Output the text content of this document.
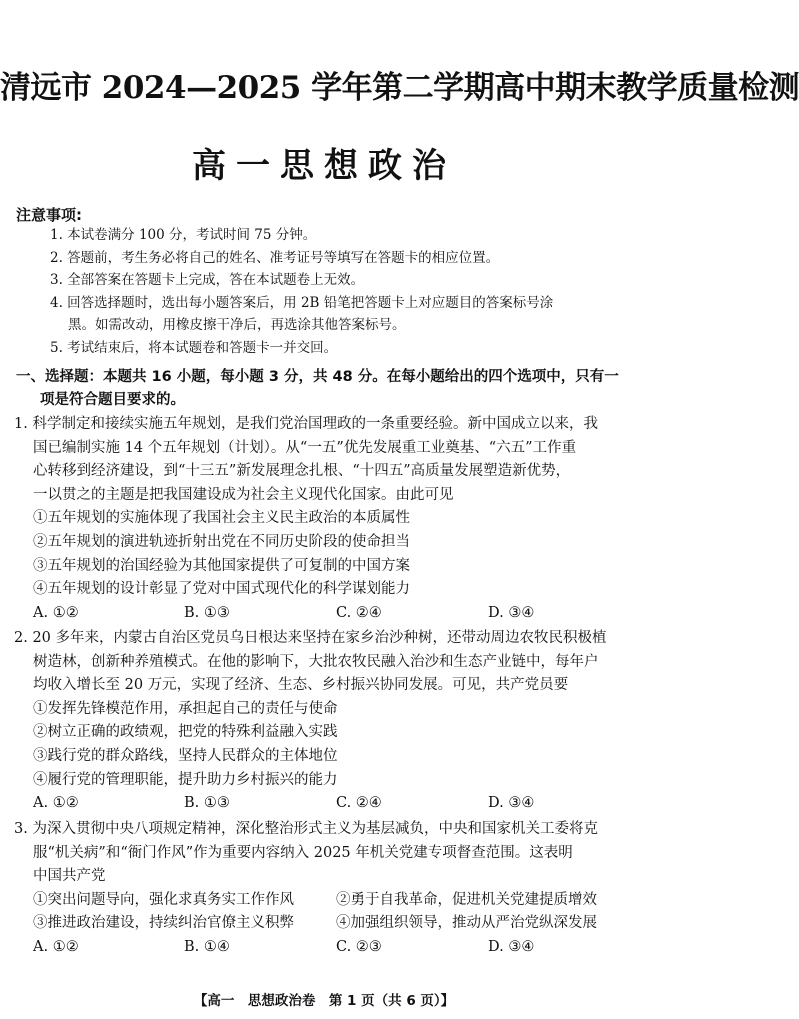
清远市 2024—2025 学年第二学期高中期末教学质量检测
高一思想政治
注意事项:

1. 本试卷满分 100 分，考试时间 75 分钟。

2. 答题前，考生务必将自己的姓名、准考证号等填写在答题卡的相应位置。

3. 全部答案在答题卡上完成，答在本试题卷上无效。

4. 回答选择题时，选出每小题答案后，用 2B 铅笔把答题卡上对应题目的答案标号涂

黑。如需改动，用橡皮擦干净后，再选涂其他答案标号。

5. 考试结束后，将本试题卷和答题卡一并交回。

一、选择题：本题共 16 小题，每小题 3 分，共 48 分。在每小题给出的四个选项中，只有一
项是符合题目要求的。

1. 科学制定和接续实施五年规划，是我们党治国理政的一条重要经验。新中国成立以来，我

国已编制实施 14 个五年规划（计划）。从“一五”优先发展重工业奠基、“六五”工作重

心转移到经济建设，到“十三五”新发展理念扎根、“十四五”高质量发展塑造新优势，

一以贯之的主题是把我国建设成为社会主义现代化国家。由此可见

①五年规划的实施体现了我国社会主义民主政治的本质属性

②五年规划的演进轨迹折射出党在不同历史阶段的使命担当

③五年规划的治国经验为其他国家提供了可复制的中国方案

④五年规划的设计彰显了党对中国式现代化的科学谋划能力

A. ①②	B. ①③	C. ②④	D. ③④

2. 20 多年来，内蒙古自治区党员乌日根达来坚持在家乡治沙种树，还带动周边农牧民积极植

树造林，创新种养殖模式。在他的影响下，大批农牧民融入治沙和生态产业链中，每年户

均收入增长至 20 万元，实现了经济、生态、乡村振兴协同发展。可见，共产党员要

①发挥先锋模范作用，承担起自己的责任与使命

②树立正确的政绩观，把党的特殊利益融入实践

③践行党的群众路线，坚持人民群众的主体地位

④履行党的管理职能，提升助力乡村振兴的能力

A. ①②	B. ①③	C. ②④	D. ③④

3. 为深入贯彻中央八项规定精神，深化整治形式主义为基层减负，中央和国家机关工委将克

服“机关病”和“衙门作风”作为重要内容纳入 2025 年机关党建专项督查范围。这表明

中国共产党

①突出问题导向，强化求真务实工作作风	②勇于自我革命，促进机关党建提质增效
③推进政治建设，持续纠治官僚主义积弊	④加强组织领导，推动从严治党纵深发展
A. ①②	B. ①④	C. ②③	D. ③④
【高一　思想政治卷　第 1 页（共 6 页）】
